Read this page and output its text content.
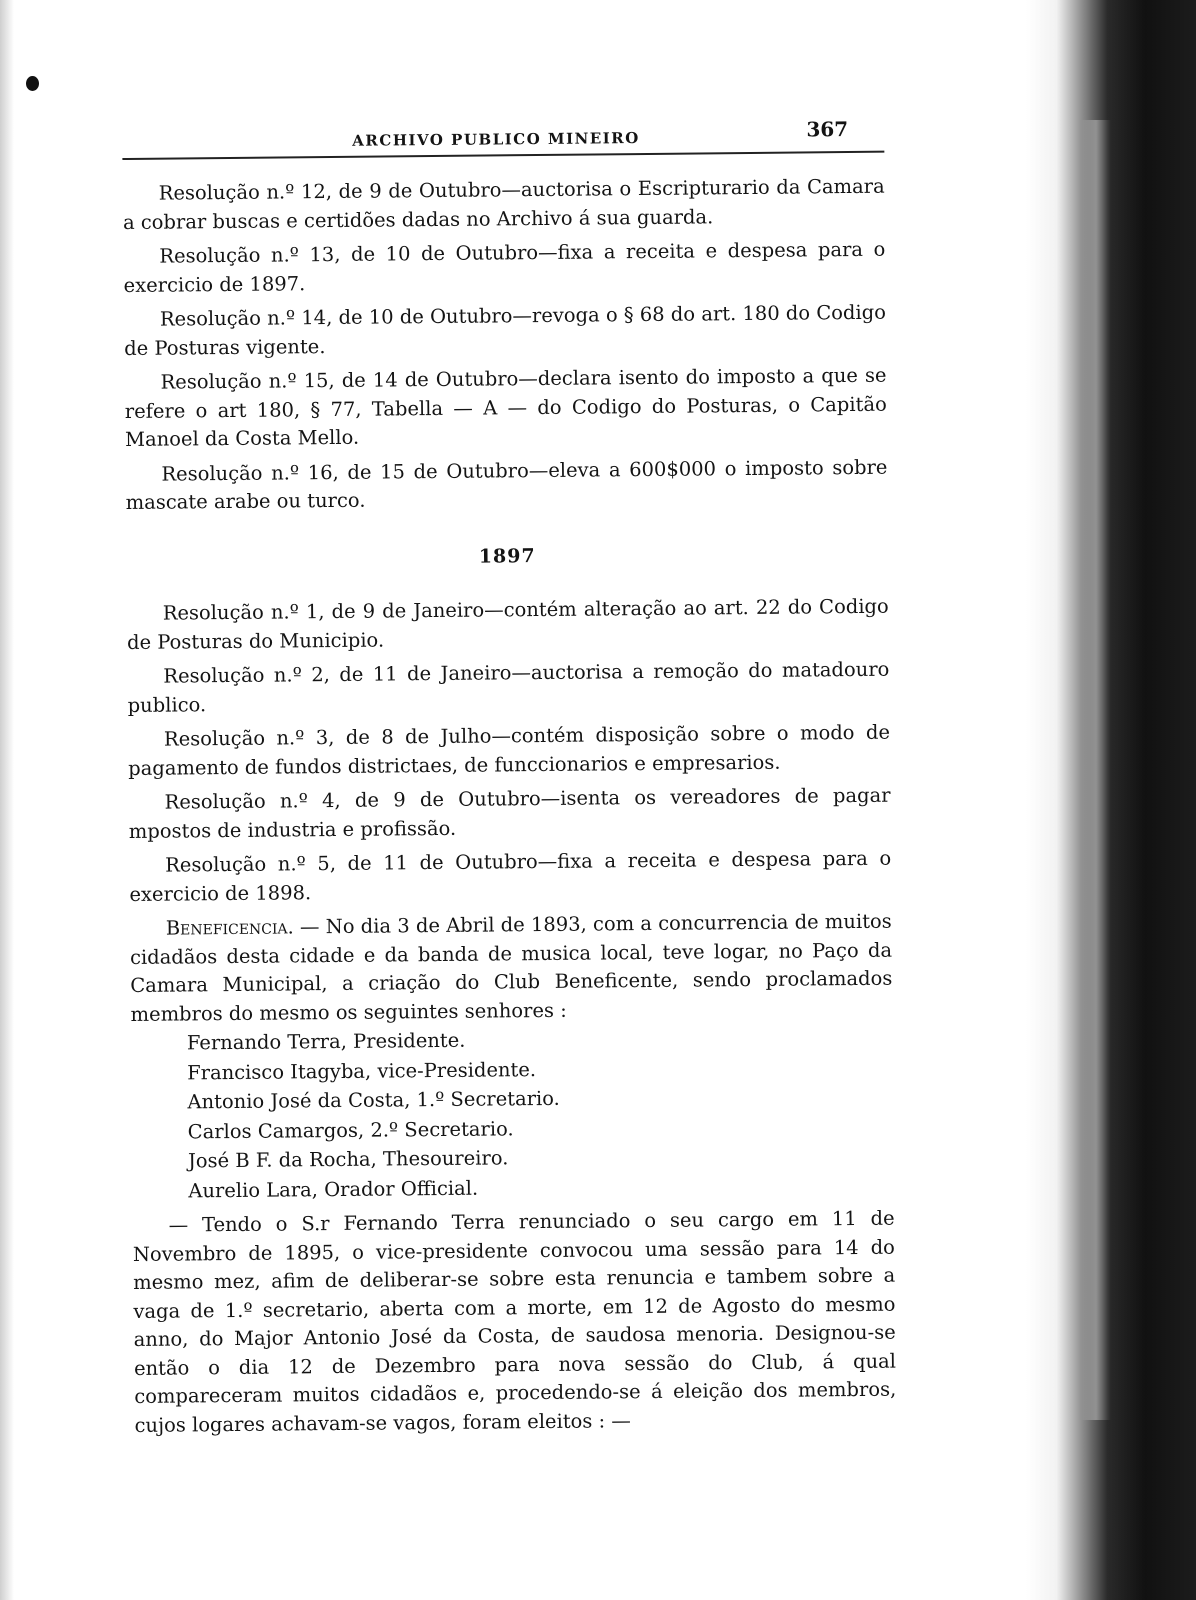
ARCHIVO PUBLICO MINEIRO	367

Resolução n.º 12, de 9 de Outubro—auctorisa o Escripturario da Camara a cobrar buscas e certidões dadas no Archivo á sua guarda.

Resolução n.º 13, de 10 de Outubro—fixa a receita e despesa para o exercicio de 1897.

Resolução n.º 14, de 10 de Outubro—revoga o § 68 do art. 180 do Codigo de Posturas vigente.

Resolução n.º 15, de 14 de Outubro—declara isento do imposto a que se refere o art 180, § 77, Tabella — A — do Codigo do Posturas, o Capitão Manoel da Costa Mello.

Resolução n.º 16, de 15 de Outubro—eleva a 600$000 o imposto sobre mascate arabe ou turco.

1897

Resolução n.º 1, de 9 de Janeiro—contém alteração ao art. 22 do Codigo de Posturas do Municipio.

Resolução n.º 2, de 11 de Janeiro—auctorisa a remoção do matadouro publico.

Resolução n.º 3, de 8 de Julho—contém disposição sobre o modo de pagamento de fundos districtaes, de funccionarios e empresarios.

Resolução n.º 4, de 9 de Outubro—isenta os vereadores de pagar mpostos de industria e profissão.

Resolução n.º 5, de 11 de Outubro—fixa a receita e despesa para o exercicio de 1898.

Beneficencia. — No dia 3 de Abril de 1893, com a concurrencia de muitos cidadãos desta cidade e da banda de musica local, teve logar, no Paço da Camara Municipal, a criação do Club Beneficente, sendo proclamados membros do mesmo os seguintes senhores :

Fernando Terra, Presidente.
Francisco Itagyba, vice-Presidente.
Antonio José da Costa, 1.º Secretario.
Carlos Camargos, 2.º Secretario.
José B F. da Rocha, Thesoureiro.
Aurelio Lara, Orador Official.

— Tendo o S.r Fernando Terra renunciado o seu cargo em 11 de Novembro de 1895, o vice-presidente convocou uma sessão para 14 do mesmo mez, afim de deliberar-se sobre esta renuncia e tambem sobre a vaga de 1.º secretario, aberta com a morte, em 12 de Agosto do mesmo anno, do Major Antonio José da Costa, de saudosa menoria. Designou-se então o dia 12 de Dezembro para nova sessão do Club, á qual compareceram muitos cidadãos e, procedendo-se á eleição dos membros, cujos logares achavam-se vagos, foram eleitos : —
